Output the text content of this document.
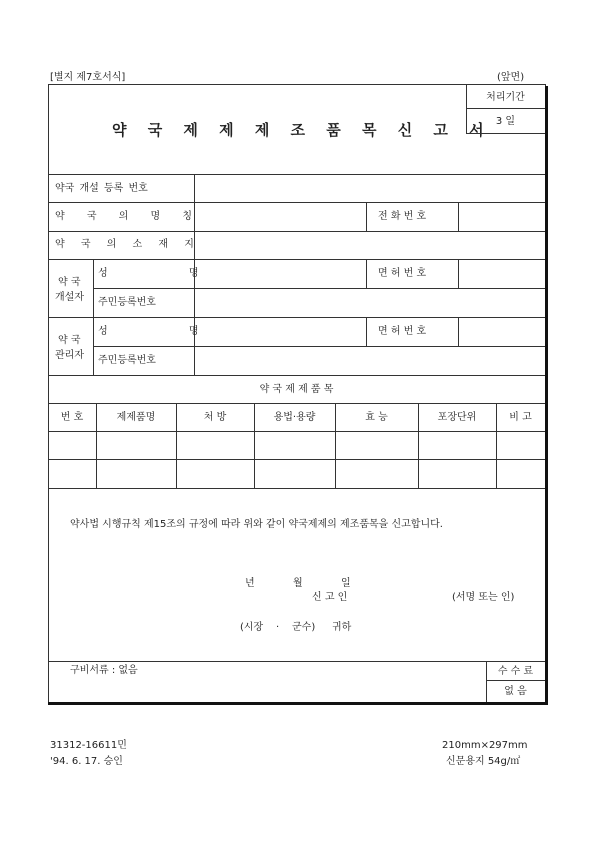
[별지 제7호서식]	(앞면)
약 국 제 제 제 조 품 목 신 고 서
처리기간
3 일
약국 개설 등록 번호
약 국 의 명 칭	전 화 번 호
약 국 의 소 재 지
약 국
개설자
성 명	면 허 번 호
주민등록번호
약 국
관리자
성 명	면 허 번 호
주민등록번호
약 국 제 제 품 목
번 호	제제품명	처 방	용법·용량	효 능	포장단위	비 고
약사법 시행규칙 제15조의 규정에 따라 위와 같이 약국제제의 제조품목을 신고합니다.
년	월	일
신 고 인	(서명 또는 인)
(시장 · 군수) 귀하
구비서류 : 없음	수 수 료
없 음
31312-16611민
'94. 6. 17. 승인
210mm×297mm
신문용지 54g/㎡
